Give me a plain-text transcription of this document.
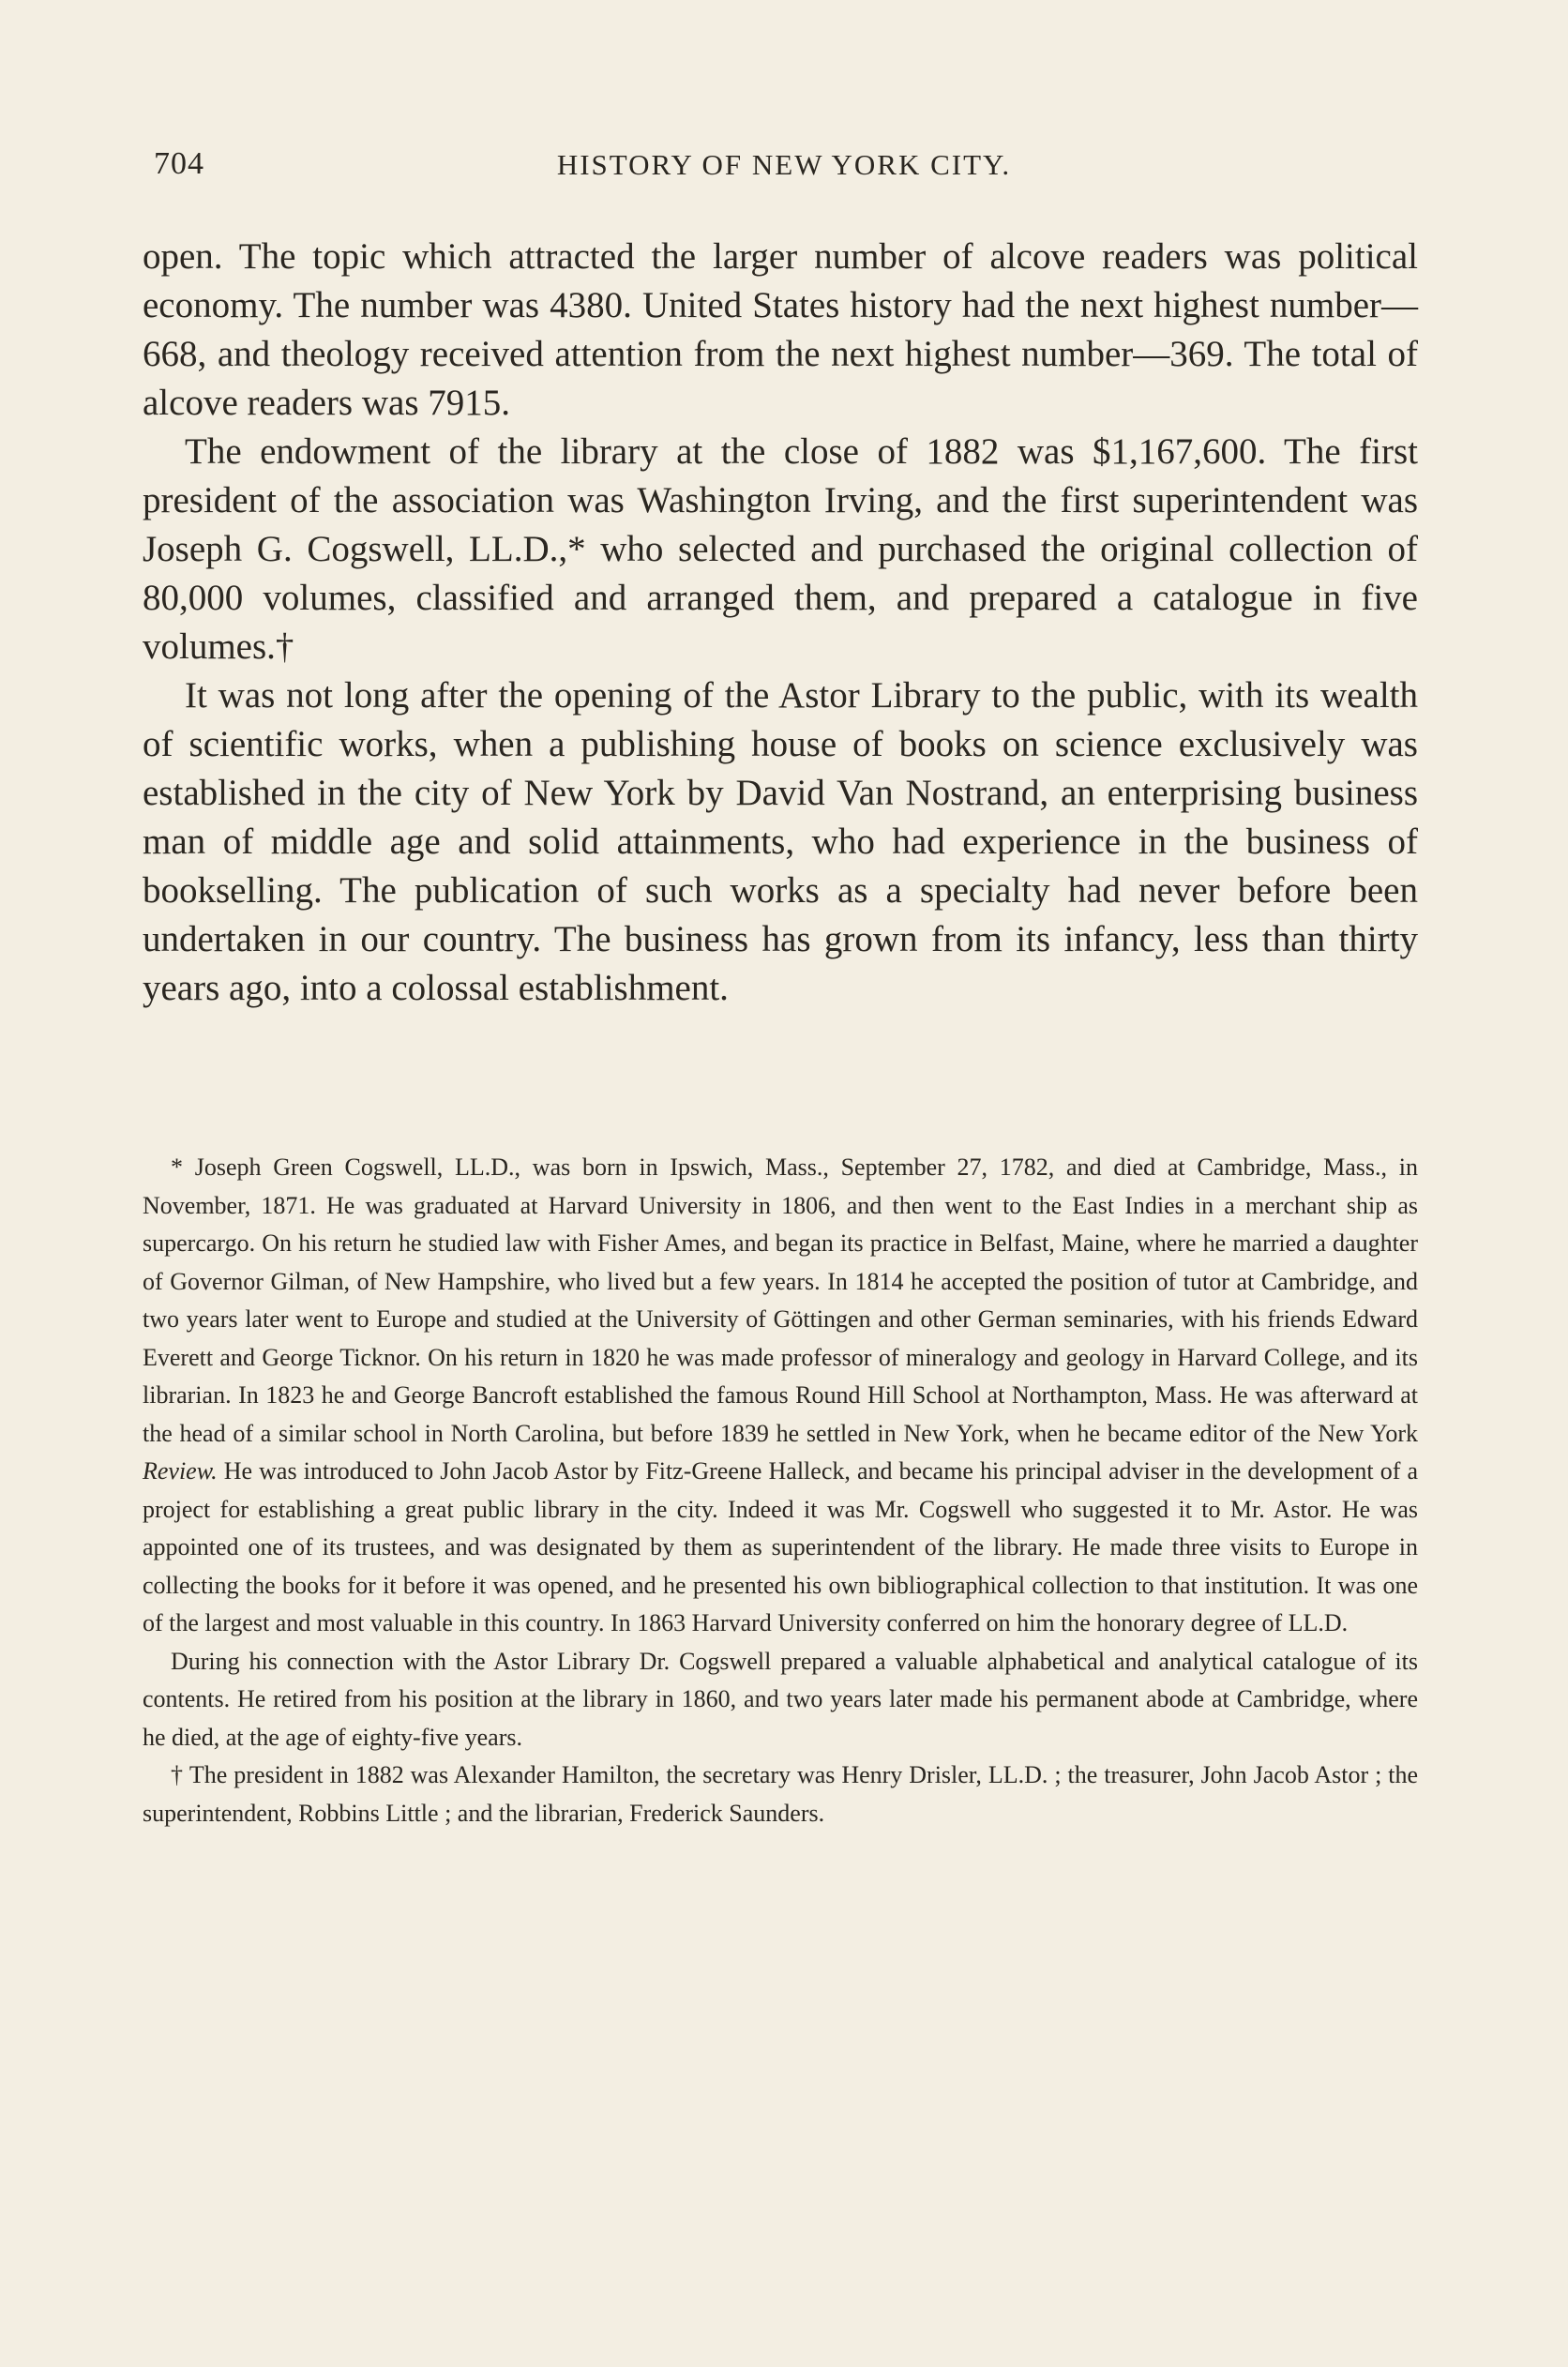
704	HISTORY OF NEW YORK CITY.

open. The topic which attracted the larger number of alcove readers was political economy. The number was 4380. United States history had the next highest number—668, and theology received attention from the next highest number—369. The total of alcove readers was 7915.

The endowment of the library at the close of 1882 was $1,167,600. The first president of the association was Washington Irving, and the first superintendent was Joseph G. Cogswell, LL.D.,* who selected and purchased the original collection of 80,000 volumes, classified and arranged them, and prepared a catalogue in five volumes.†

It was not long after the opening of the Astor Library to the public, with its wealth of scientific works, when a publishing house of books on science exclusively was established in the city of New York by David Van Nostrand, an enterprising business man of middle age and solid attainments, who had experience in the business of bookselling. The publication of such works as a specialty had never before been undertaken in our country. The business has grown from its infancy, less than thirty years ago, into a colossal establishment.

* Joseph Green Cogswell, LL.D., was born in Ipswich, Mass., September 27, 1782, and died at Cambridge, Mass., in November, 1871. He was graduated at Harvard University in 1806, and then went to the East Indies in a merchant ship as supercargo. On his return he studied law with Fisher Ames, and began its practice in Belfast, Maine, where he married a daughter of Governor Gilman, of New Hampshire, who lived but a few years. In 1814 he accepted the position of tutor at Cambridge, and two years later went to Europe and studied at the University of Göttingen and other German seminaries, with his friends Edward Everett and George Ticknor. On his return in 1820 he was made professor of mineralogy and geology in Harvard College, and its librarian. In 1823 he and George Bancroft established the famous Round Hill School at Northampton, Mass. He was afterward at the head of a similar school in North Carolina, but before 1839 he settled in New York, when he became editor of the New York Review. He was introduced to John Jacob Astor by Fitz-Greene Halleck, and became his principal adviser in the development of a project for establishing a great public library in the city. Indeed it was Mr. Cogswell who suggested it to Mr. Astor. He was appointed one of its trustees, and was designated by them as superintendent of the library. He made three visits to Europe in collecting the books for it before it was opened, and he presented his own bibliographical collection to that institution. It was one of the largest and most valuable in this country. In 1863 Harvard University conferred on him the honorary degree of LL.D.

During his connection with the Astor Library Dr. Cogswell prepared a valuable alphabetical and analytical catalogue of its contents. He retired from his position at the library in 1860, and two years later made his permanent abode at Cambridge, where he died, at the age of eighty-five years.

† The president in 1882 was Alexander Hamilton, the secretary was Henry Drisler, LL.D. ; the treasurer, John Jacob Astor ; the superintendent, Robbins Little ; and the librarian, Frederick Saunders.
